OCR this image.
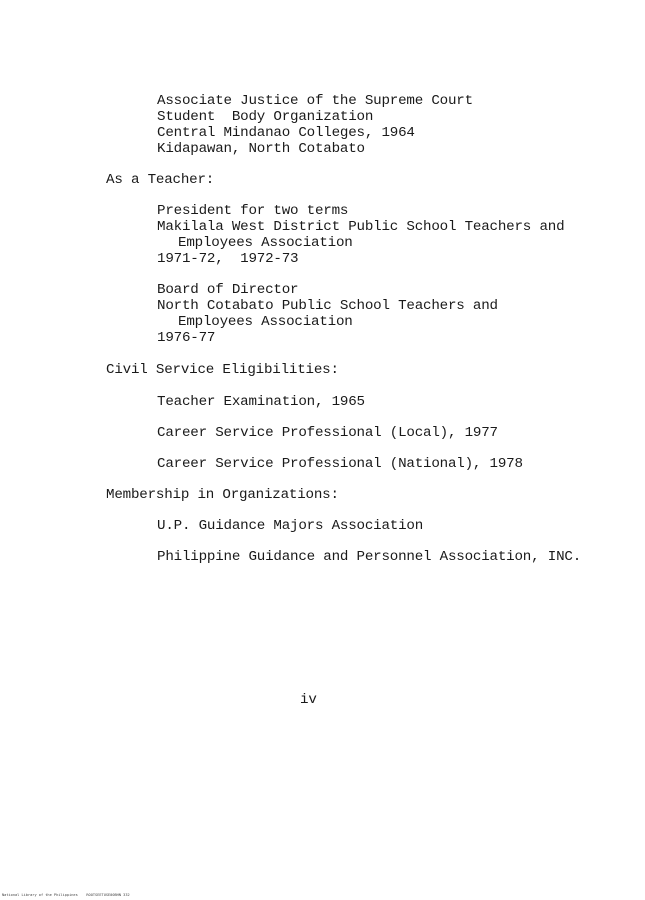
Associate Justice of the Supreme Court
Student  Body Organization
Central Mindanao Colleges, 1964
Kidapawan, North Cotabato
As a Teacher:
President for two terms
Makilala West District Public School Teachers and
Employees Association
1971-72,  1972-73
Board of Director
North Cotabato Public School Teachers and
Employees Association
1976-77
Civil Service Eligibilities:
Teacher Examination, 1965
Career Service Professional (Local), 1977
Career Service Professional (National), 1978
Membership in Organizations:
U.P. Guidance Majors Association
Philippine Guidance and Personnel Association, INC.
iv
National Library of the Philippines    ROOTSEETUSE00BHN 332
